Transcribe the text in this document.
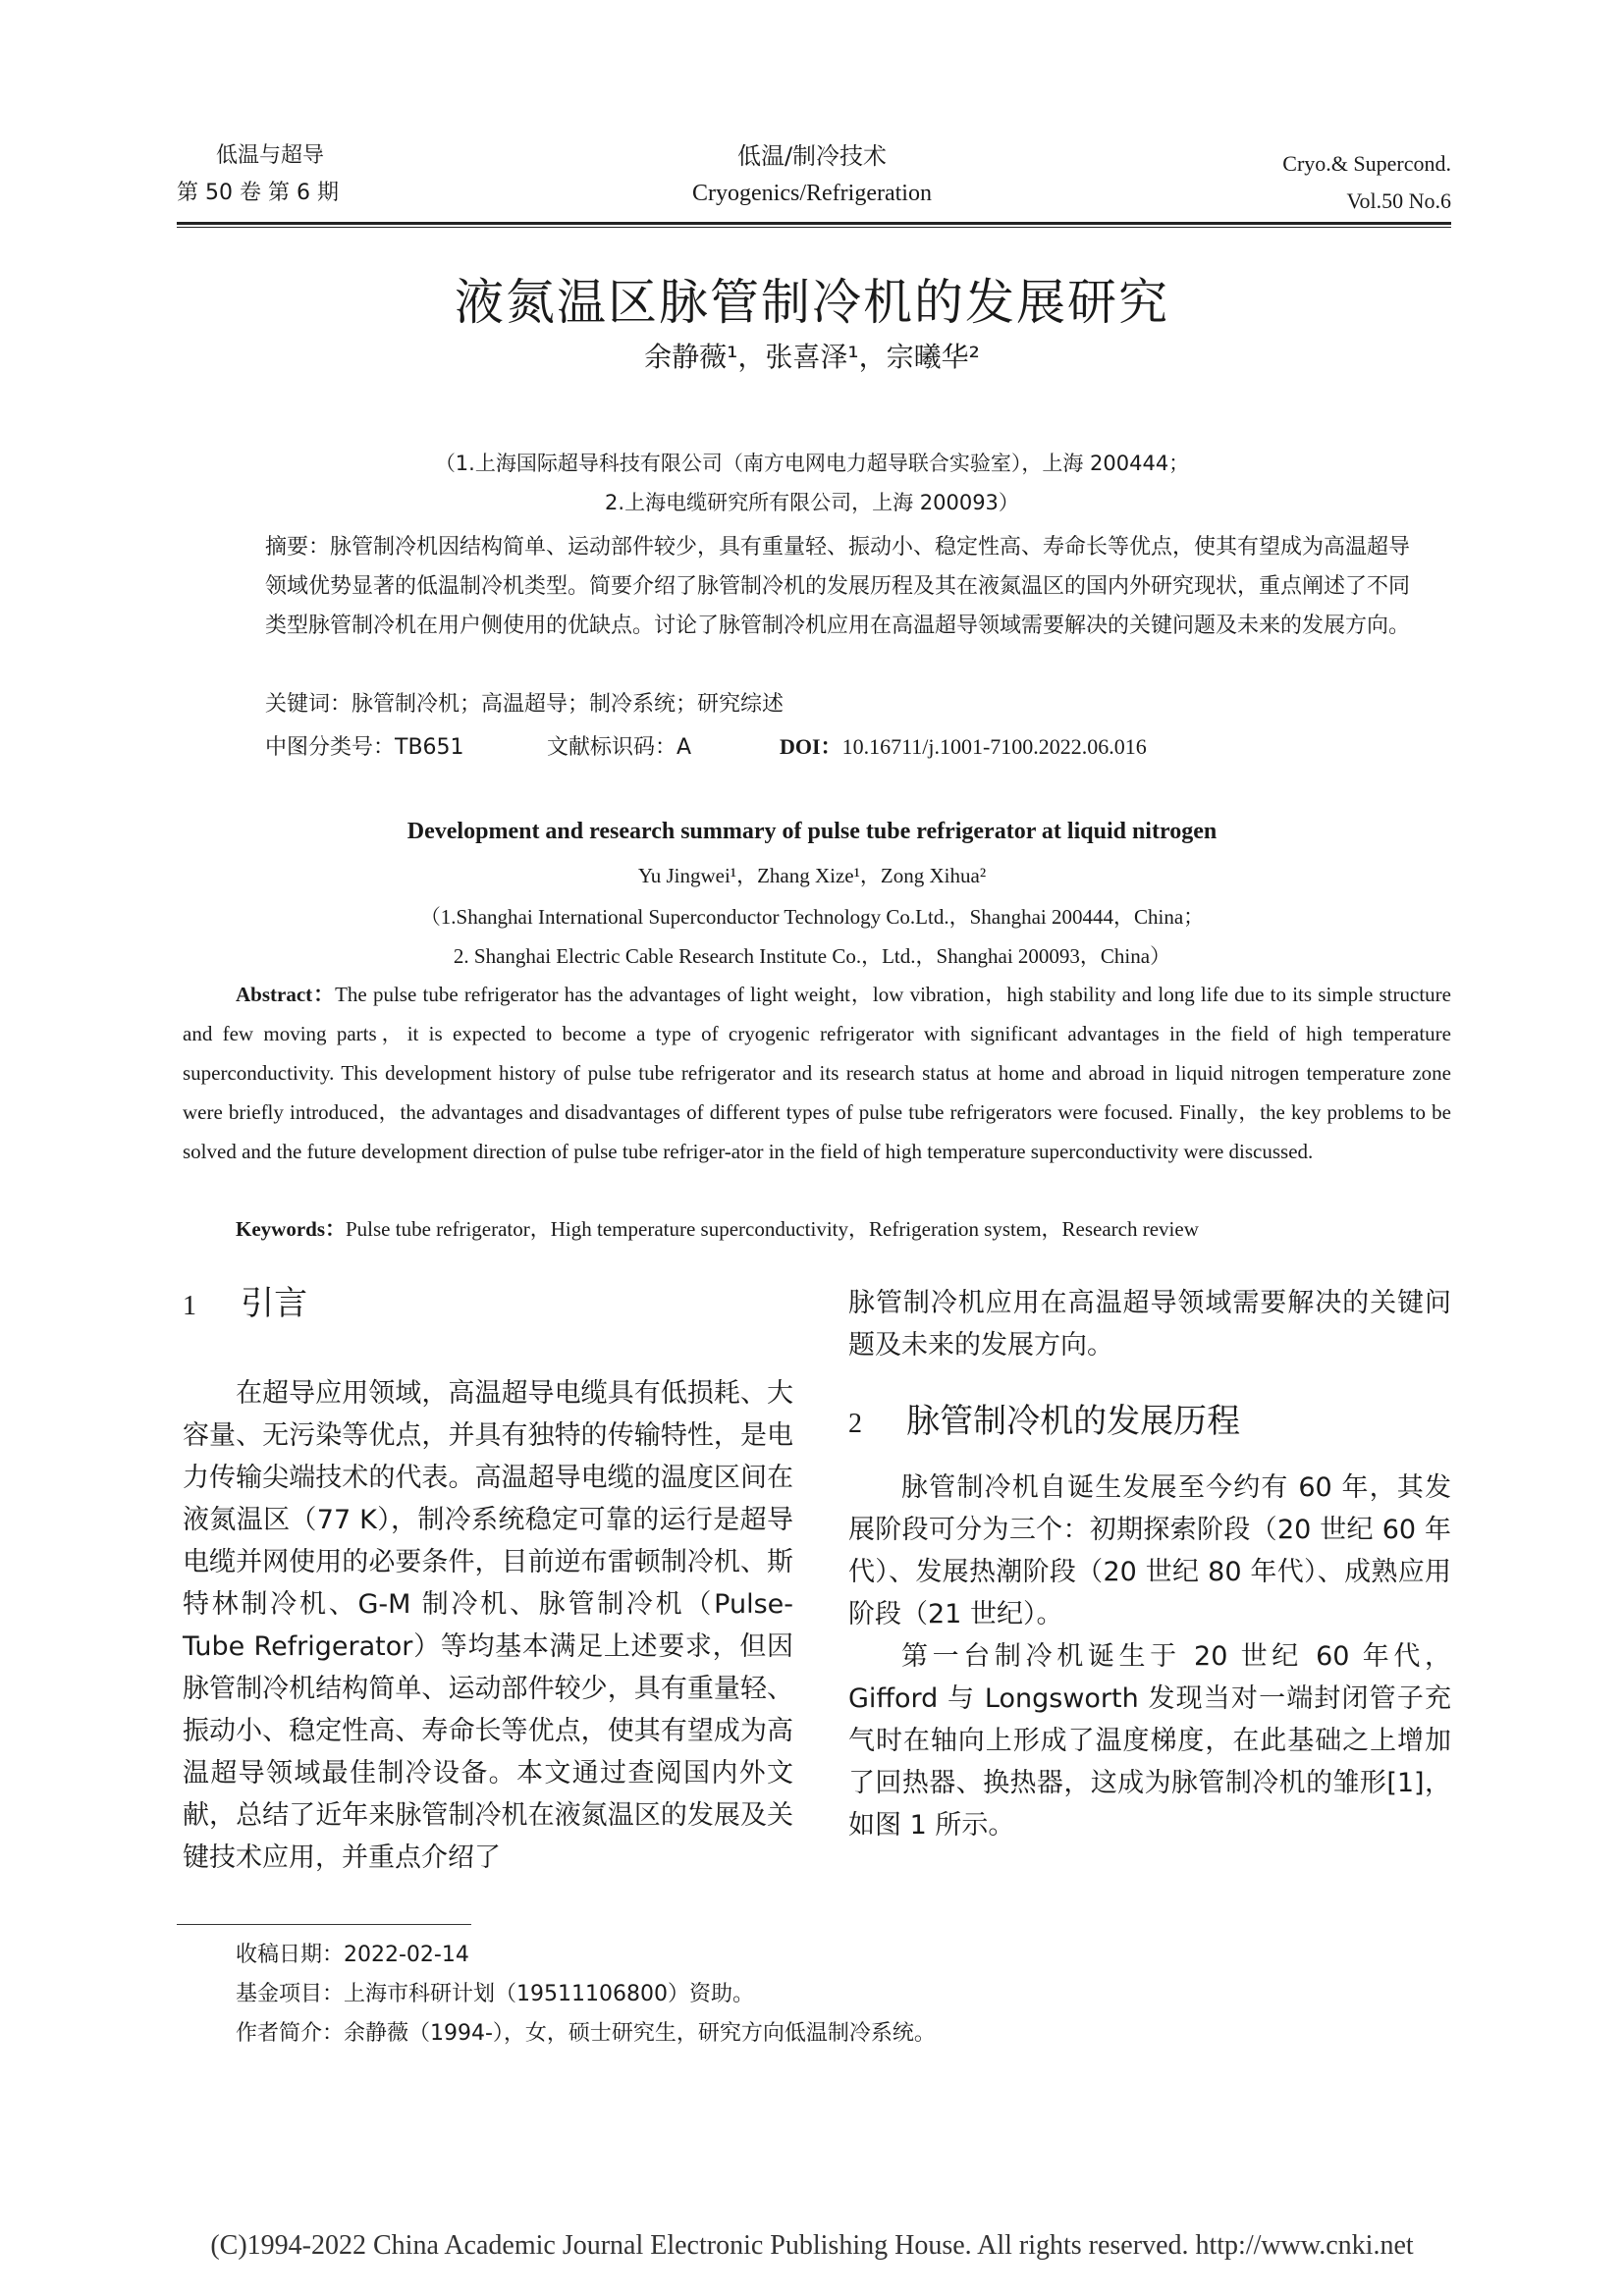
低温与超导
第 50 卷 第 6 期
低温/制冷技术
Cryogenics/Refrigeration
Cryo.& Supercond.
Vol.50 No.6
液氮温区脉管制冷机的发展研究
余静薇¹，张喜泽¹，宗曦华²
（1.上海国际超导科技有限公司（南方电网电力超导联合实验室），上海 200444；
2.上海电缆研究所有限公司，上海 200093）
摘要：脉管制冷机因结构简单、运动部件较少，具有重量轻、振动小、稳定性高、寿命长等优点，使其有望成为高温超导领域优势显著的低温制冷机类型。简要介绍了脉管制冷机的发展历程及其在液氮温区的国内外研究现状，重点阐述了不同类型脉管制冷机在用户侧使用的优缺点。讨论了脉管制冷机应用在高温超导领域需要解决的关键问题及未来的发展方向。
关键词：脉管制冷机；高温超导；制冷系统；研究综述
中图分类号：TB651	文献标识码：A	DOI：10.16711/j.1001-7100.2022.06.016
Development and research summary of pulse tube refrigerator at liquid nitrogen
Yu Jingwei¹，Zhang Xize¹，Zong Xihua²
（1.Shanghai International Superconductor Technology Co.Ltd.，Shanghai 200444，China；
2. Shanghai Electric Cable Research Institute Co.，Ltd.，Shanghai 200093，China）
Abstract：The pulse tube refrigerator has the advantages of light weight，low vibration，high stability and long life due to its simple structure and few moving parts，it is expected to become a type of cryogenic refrigerator with significant advantages in the field of high temperature superconductivity. This development history of pulse tube refrigerator and its research status at home and abroad in liquid nitrogen temperature zone were briefly introduced，the advantages and disadvantages of different types of pulse tube refrigerators were focused. Finally，the key problems to be solved and the future development direction of pulse tube refriger-ator in the field of high temperature superconductivity were discussed.
Keywords：Pulse tube refrigerator，High temperature superconductivity，Refrigeration system，Research review
1 引言
在超导应用领域，高温超导电缆具有低损耗、大容量、无污染等优点，并具有独特的传输特性，是电力传输尖端技术的代表。高温超导电缆的温度区间在液氮温区（77 K），制冷系统稳定可靠的运行是超导电缆并网使用的必要条件，目前逆布雷顿制冷机、斯特林制冷机、G-M 制冷机、脉管制冷机（Pulse-Tube Refrigerator）等均基本满足上述要求，但因脉管制冷机结构简单、运动部件较少，具有重量轻、振动小、稳定性高、寿命长等优点，使其有望成为高温超导领域最佳制冷设备。本文通过查阅国内外文献，总结了近年来脉管制冷机在液氮温区的发展及关键技术应用，并重点介绍了
脉管制冷机应用在高温超导领域需要解决的关键问题及未来的发展方向。
2 脉管制冷机的发展历程
脉管制冷机自诞生发展至今约有 60 年，其发展阶段可分为三个：初期探索阶段（20 世纪 60 年代）、发展热潮阶段（20 世纪 80 年代）、成熟应用阶段（21 世纪）。
第一台制冷机诞生于 20 世纪 60 年代，Gifford 与 Longsworth 发现当对一端封闭管子充气时在轴向上形成了温度梯度，在此基础之上增加了回热器、换热器，这成为脉管制冷机的雏形[1]，如图 1 所示。
收稿日期：2022-02-14
基金项目：上海市科研计划（19511106800）资助。
作者简介：余静薇（1994-），女，硕士研究生，研究方向低温制冷系统。
(C)1994-2022 China Academic Journal Electronic Publishing House. All rights reserved. http://www.cnki.net
